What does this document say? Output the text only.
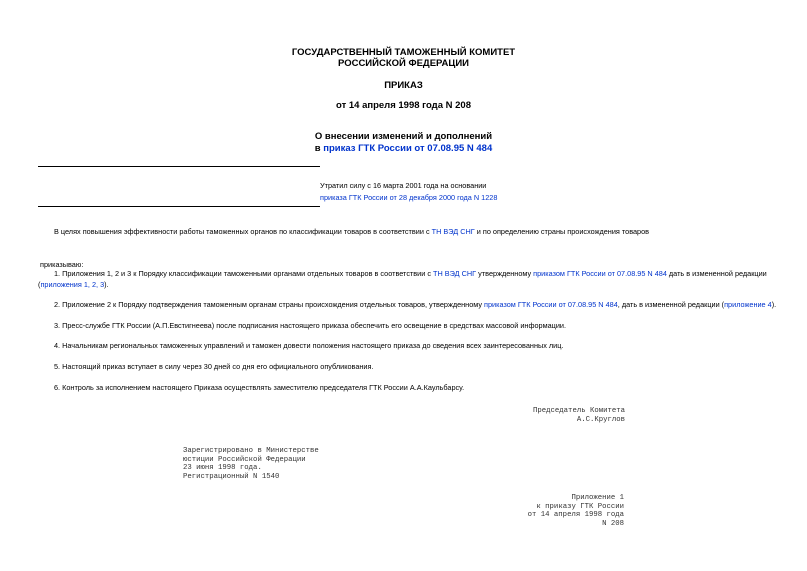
ГОСУДАРСТВЕННЫЙ ТАМОЖЕННЫЙ КОМИТЕТ
РОССИЙСКОЙ ФЕДЕРАЦИИ
ПРИКАЗ
от 14 апреля 1998 года N 208
О внесении изменений и дополнений
в приказ ГТК России от 07.08.95 N 484
Утратил силу с 16 марта 2001 года на основании
приказа ГТК России от 28 декабря 2000 года N 1228
В целях повышения эффективности работы таможенных органов по классификации товаров в соответствии с ТН ВЭД СНГ и по определению страны происхождения товаров
приказываю:
1. Приложения 1, 2 и 3 к Порядку классификации таможенными органами отдельных товаров в соответствии с ТН ВЭД СНГ утвержденному приказом ГТК России от 07.08.95 N 484 дать в измененной редакции (приложения 1, 2, 3).
2. Приложение 2 к Порядку подтверждения таможенным органам страны происхождения отдельных товаров, утвержденному приказом ГТК России от 07.08.95 N 484, дать в измененной редакции (приложение 4).
3. Пресс-службе ГТК России (А.П.Евстигнеева) после подписания настоящего приказа обеспечить его освещение в средствах массовой информации.
4. Начальникам региональных таможенных управлений и таможен довести положения настоящего приказа до сведения всех заинтересованных лиц.
5. Настоящий приказ вступает в силу через 30 дней со дня его официального опубликования.
6. Контроль за исполнением настоящего Приказа осуществлять заместителю председателя ГТК России А.А.Каульбарсу.
Председатель Комитета
А.С.Круглов
Зарегистрировано в Министерстве
юстиции Российской Федерации
23 июня 1998 года.
Регистрационный N 1540
Приложение 1
к приказу ГТК России
от 14 апреля 1998 года
N 208
